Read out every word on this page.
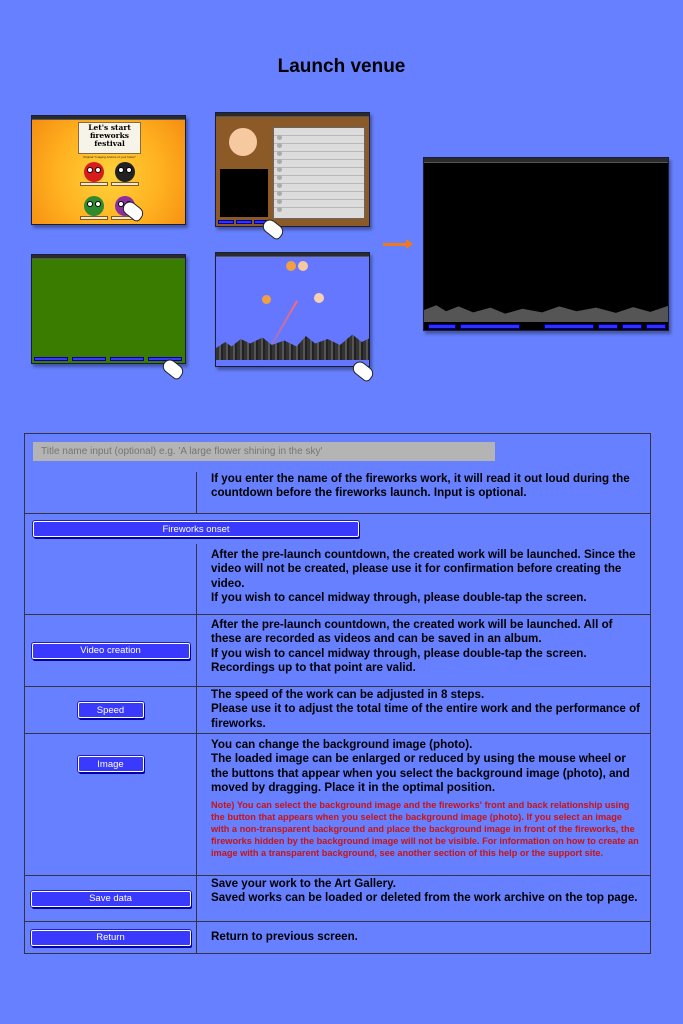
Launch venue
Let's start fireworks festival
Original "Imaging Actions of your future"
Title name input (optional) e.g. 'A large flower shining in the sky'
If you enter the name of the fireworks work, it will read it out loud during the countdown before the fireworks launch. Input is optional.
Fireworks onset
After the pre-launch countdown, the created work will be launched. Since the video will not be created, please use it for confirmation before creating the video.
If you wish to cancel midway through, please double-tap the screen.
Video creation
After the pre-launch countdown, the created work will be launched. All of these are recorded as videos and can be saved in an album.
If you wish to cancel midway through, please double-tap the screen. Recordings up to that point are valid.
Speed
The speed of the work can be adjusted in 8 steps.
Please use it to adjust the total time of the entire work and the performance of fireworks.
Image
You can change the background image (photo).
The loaded image can be enlarged or reduced by using the mouse wheel or the buttons that appear when you select the background image (photo), and moved by dragging. Place it in the optimal position.
Note) You can select the background image and the fireworks' front and back relationship using the button that appears when you select the background image (photo). If you select an image with a non-transparent background and place the background image in front of the fireworks, the fireworks hidden by the background image will not be visible. For information on how to create an image with a transparent background, see another section of this help or the support site.
Save data
Save your work to the Art Gallery.
Saved works can be loaded or deleted from the work archive on the top page.
Return	Return to previous screen.
